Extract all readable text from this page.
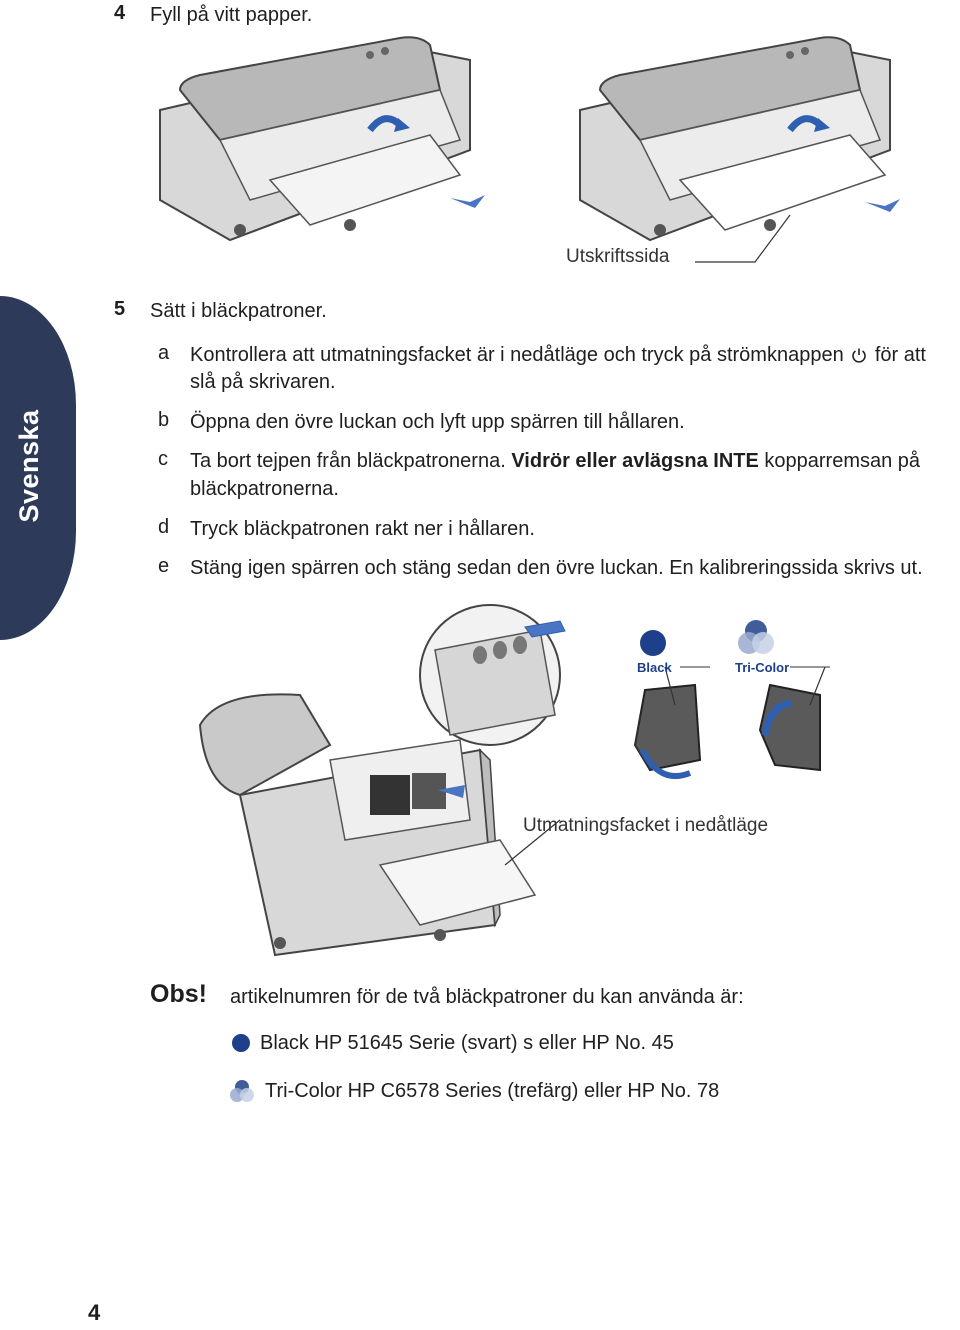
4 Fyll på vitt papper.
Utskriftssida
Svenska
5 Sätt i bläckpatroner.
a Kontrollera att utmatningsfacket är i nedåtläge och tryck på strömknappen för att
slå på skrivaren.
b Öppna den övre luckan och lyft upp spärren till hållaren.
c Ta bort tejpen från bläckpatronerna. Vidrör eller avlägsna INTE kopparremsan på
bläckpatronerna.
d Tryck bläckpatronen rakt ner i hållaren.
e Stäng igen spärren och stäng sedan den övre luckan. En kalibreringssida skrivs ut.
Black	Tri-Color
Utmatningsfacket i nedåtläge
Obs! artikelnumren för de två bläckpatroner du kan använda är:
Black HP 51645 Serie (svart) s eller HP No. 45
Tri-Color HP C6578 Series (trefärg) eller HP No. 78
4
